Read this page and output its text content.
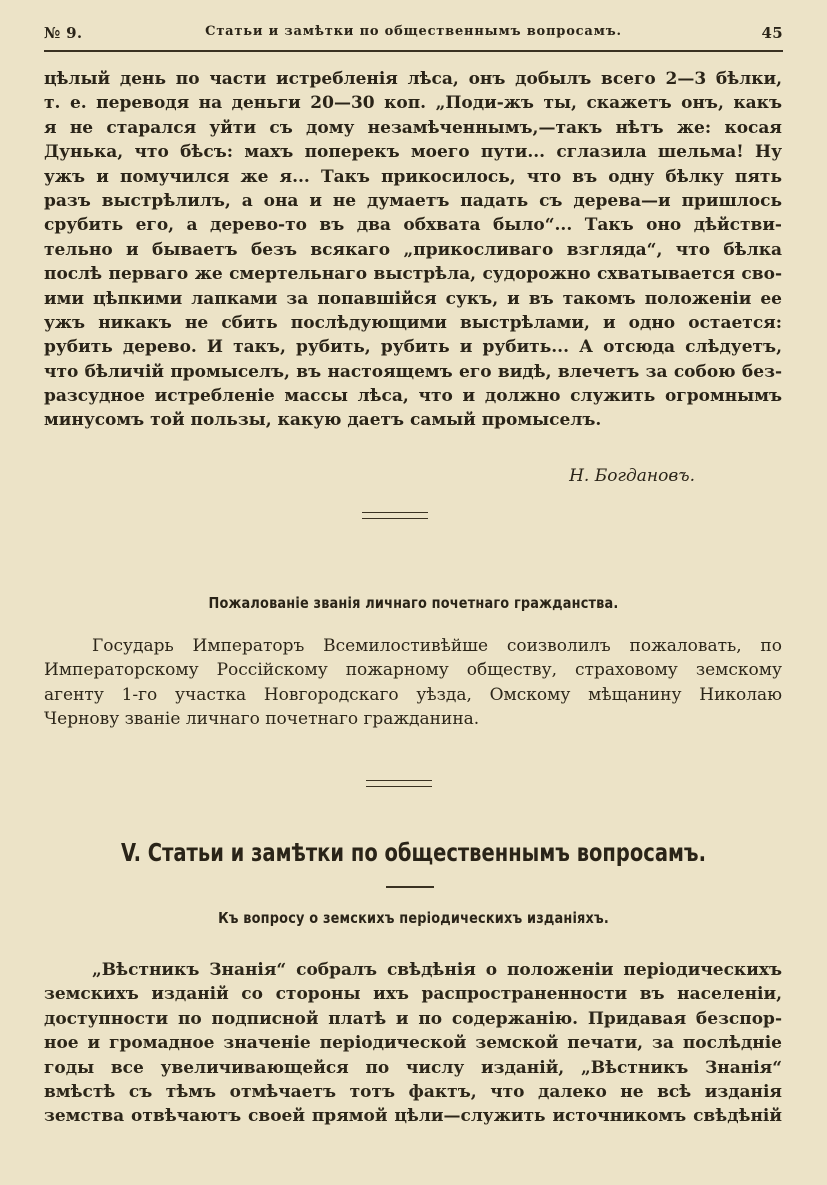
№ 9.	Статьи и замѣтки по общественнымъ вопросамъ.	45
цѣлый день по части истребленія лѣса, онъ добылъ всего 2—3 бѣлки,
т. е. переводя на деньги 20—30 коп. „Поди-жъ ты, скажетъ онъ, какъ
я не старался уйти съ дому незамѣченнымъ,—такъ нѣтъ же: косая
Дунька, что бѣсъ: махъ поперекъ моего пути... сглазила шельма! Ну
ужъ и помучился же я... Такъ прикосилось, что въ одну бѣлку пять
разъ выстрѣлилъ, а она и не думаетъ падать съ дерева—и пришлось
срубить его, а дерево-то въ два обхвата было“... Такъ оно дѣйстви-
тельно и бываетъ безъ всякаго „прикосливаго взгляда“, что бѣлка
послѣ перваго же смертельнаго выстрѣла, судорожно схватывается сво-
ими цѣпкими лапками за попавшійся сукъ, и въ такомъ положеніи ее
ужъ никакъ не сбить послѣдующими выстрѣлами, и одно остается:
рубить дерево. И такъ, рубить, рубить и рубить... А отсюда слѣдуетъ,
что бѣличій промыселъ, въ настоящемъ его видѣ, влечетъ за собою без-
разсудное истребленіе массы лѣса, что и должно служить огромнымъ
минусомъ той пользы, какую даетъ самый промыселъ.
Н. Богдановъ.
Пожалованіе званія личнаго почетнаго гражданства.
Государь Императоръ Всемилостивѣйше соизволилъ пожаловать, по
Императорскому Россійскому пожарному обществу, страховому земскому
агенту 1-го участка Новгородскаго уѣзда, Омскому мѣщанину Николаю
Чернову званіе личнаго почетнаго гражданина.
V. Статьи и замѣтки по общественнымъ вопросамъ.
Къ вопросу о земскихъ періодическихъ изданіяхъ.
„Вѣстникъ Знанія“ собралъ свѣдѣнія о положеніи періодическихъ
земскихъ изданій со стороны ихъ распространенности въ населеніи,
доступности по подписной платѣ и по содержанію. Придавая безспор-
ное и громадное значеніе періодической земской печати, за послѣдніе
годы все увеличивающейся по числу изданій, „Вѣстникъ Знанія“
вмѣстѣ съ тѣмъ отмѣчаетъ тотъ фактъ, что далеко не всѣ изданія
земства отвѣчаютъ своей прямой цѣли—служить источникомъ свѣдѣній
